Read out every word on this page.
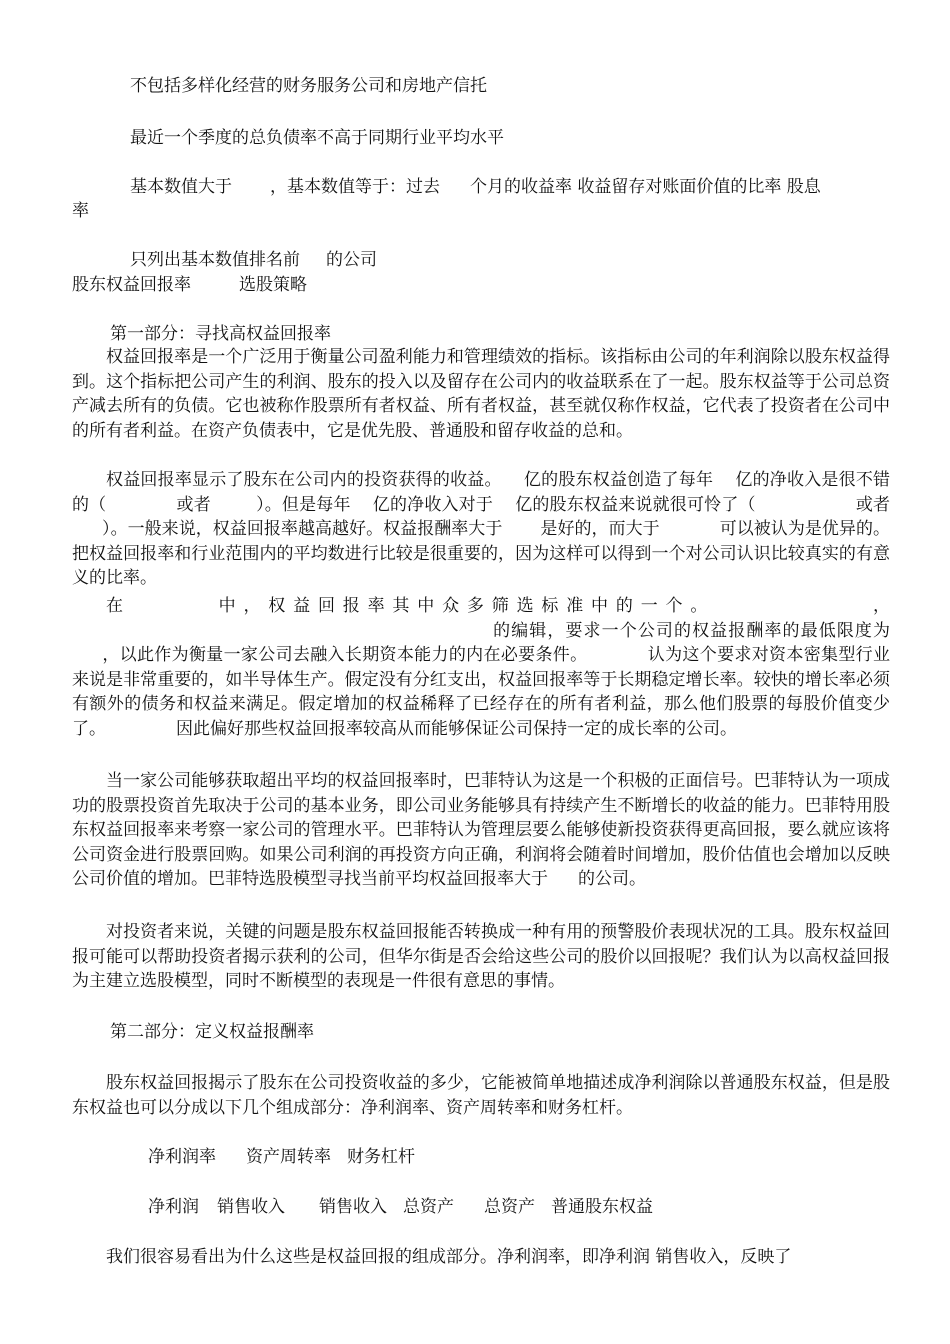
不包括多样化经营的财务服务公司和房地产信托

最近一个季度的总负债率不高于同期行业平均水平

基本数值大于 ，基本数值等于：过去 个月的收益率 收益留存对账面价值的比率 股息

率

只列出基本数值排名前 的公司

股东权益回报率	选股策略

第一部分：寻找高权益回报率

权益回报率是一个广泛用于衡量公司盈利能力和管理绩效的指标。该指标由公司的年利润除以股东权益得到。这个指标把公司产生的利润、股东的投入以及留存在公司内的收益联系在了一起。股东权益等于公司总资产减去所有的负债。它也被称作股票所有者权益、所有者权益，甚至就仅称作权益，它代表了投资者在公司中的所有者利益。在资产负债表中，它是优先股、普通股和留存收益的总和。

权益回报率显示了股东在公司内的投资获得的收益。 亿的股东权益创造了每年 亿的净收入是很不错的（	或者	）。但是每年 亿的净收入对于 亿的股东权益来说就很可怜了（	或者）。一般来说，权益回报率越高越好。权益报酬率大于 是好的，而大于	可以被认为是优异的。把权益回报率和行业范围内的平均数进行比较是很重要的，因为这样可以得到一个对公司认识比较真实的有意义的比率。

在	中，权益回报率其中众多筛选标准中的一个。	，的编辑，要求一个公司的权益报酬率的最低限度为，以此作为衡量一家公司去融入长期资本能力的内在必要条件。	认为这个要求对资本密集型行业来说是非常重要的，如半导体生产。假定没有分红支出，权益回报率等于长期稳定增长率。较快的增长率必须有额外的债务和权益来满足。假定增加的权益稀释了已经存在的所有者利益，那么他们股票的每股价值变少了。	因此偏好那些权益回报率较高从而能够保证公司保持一定的成长率的公司。

当一家公司能够获取超出平均的权益回报率时，巴菲特认为这是一个积极的正面信号。巴菲特认为一项成功的股票投资首先取决于公司的基本业务，即公司业务能够具有持续产生不断增长的收益的能力。巴菲特用股东权益回报率来考察一家公司的管理水平。巴菲特认为管理层要么能够使新投资获得更高回报，要么就应该将公司资金进行股票回购。如果公司利润的再投资方向正确，利润将会随着时间增加，股价估值也会增加以反映公司价值的增加。巴菲特选股模型寻找当前平均权益回报率大于 的公司。

对投资者来说，关键的问题是股东权益回报能否转换成一种有用的预警股价表现状况的工具。股东权益回报可能可以帮助投资者揭示获利的公司，但华尔街是否会给这些公司的股价以回报呢？我们认为以高权益回报为主建立选股模型，同时不断模型的表现是一件很有意思的事情。

第二部分：定义权益报酬率

股东权益回报揭示了股东在公司投资收益的多少，它能被简单地描述成净利润除以普通股东权益，但是股东权益也可以分成以下几个组成部分：净利润率、资产周转率和财务杠杆。

净利润率 资产周转率 财务杠杆

净利润 销售收入 销售收入 总资产 总资产 普通股东权益

我们很容易看出为什么这些是权益回报的组成部分。净利润率，即净利润 销售收入，反映了
